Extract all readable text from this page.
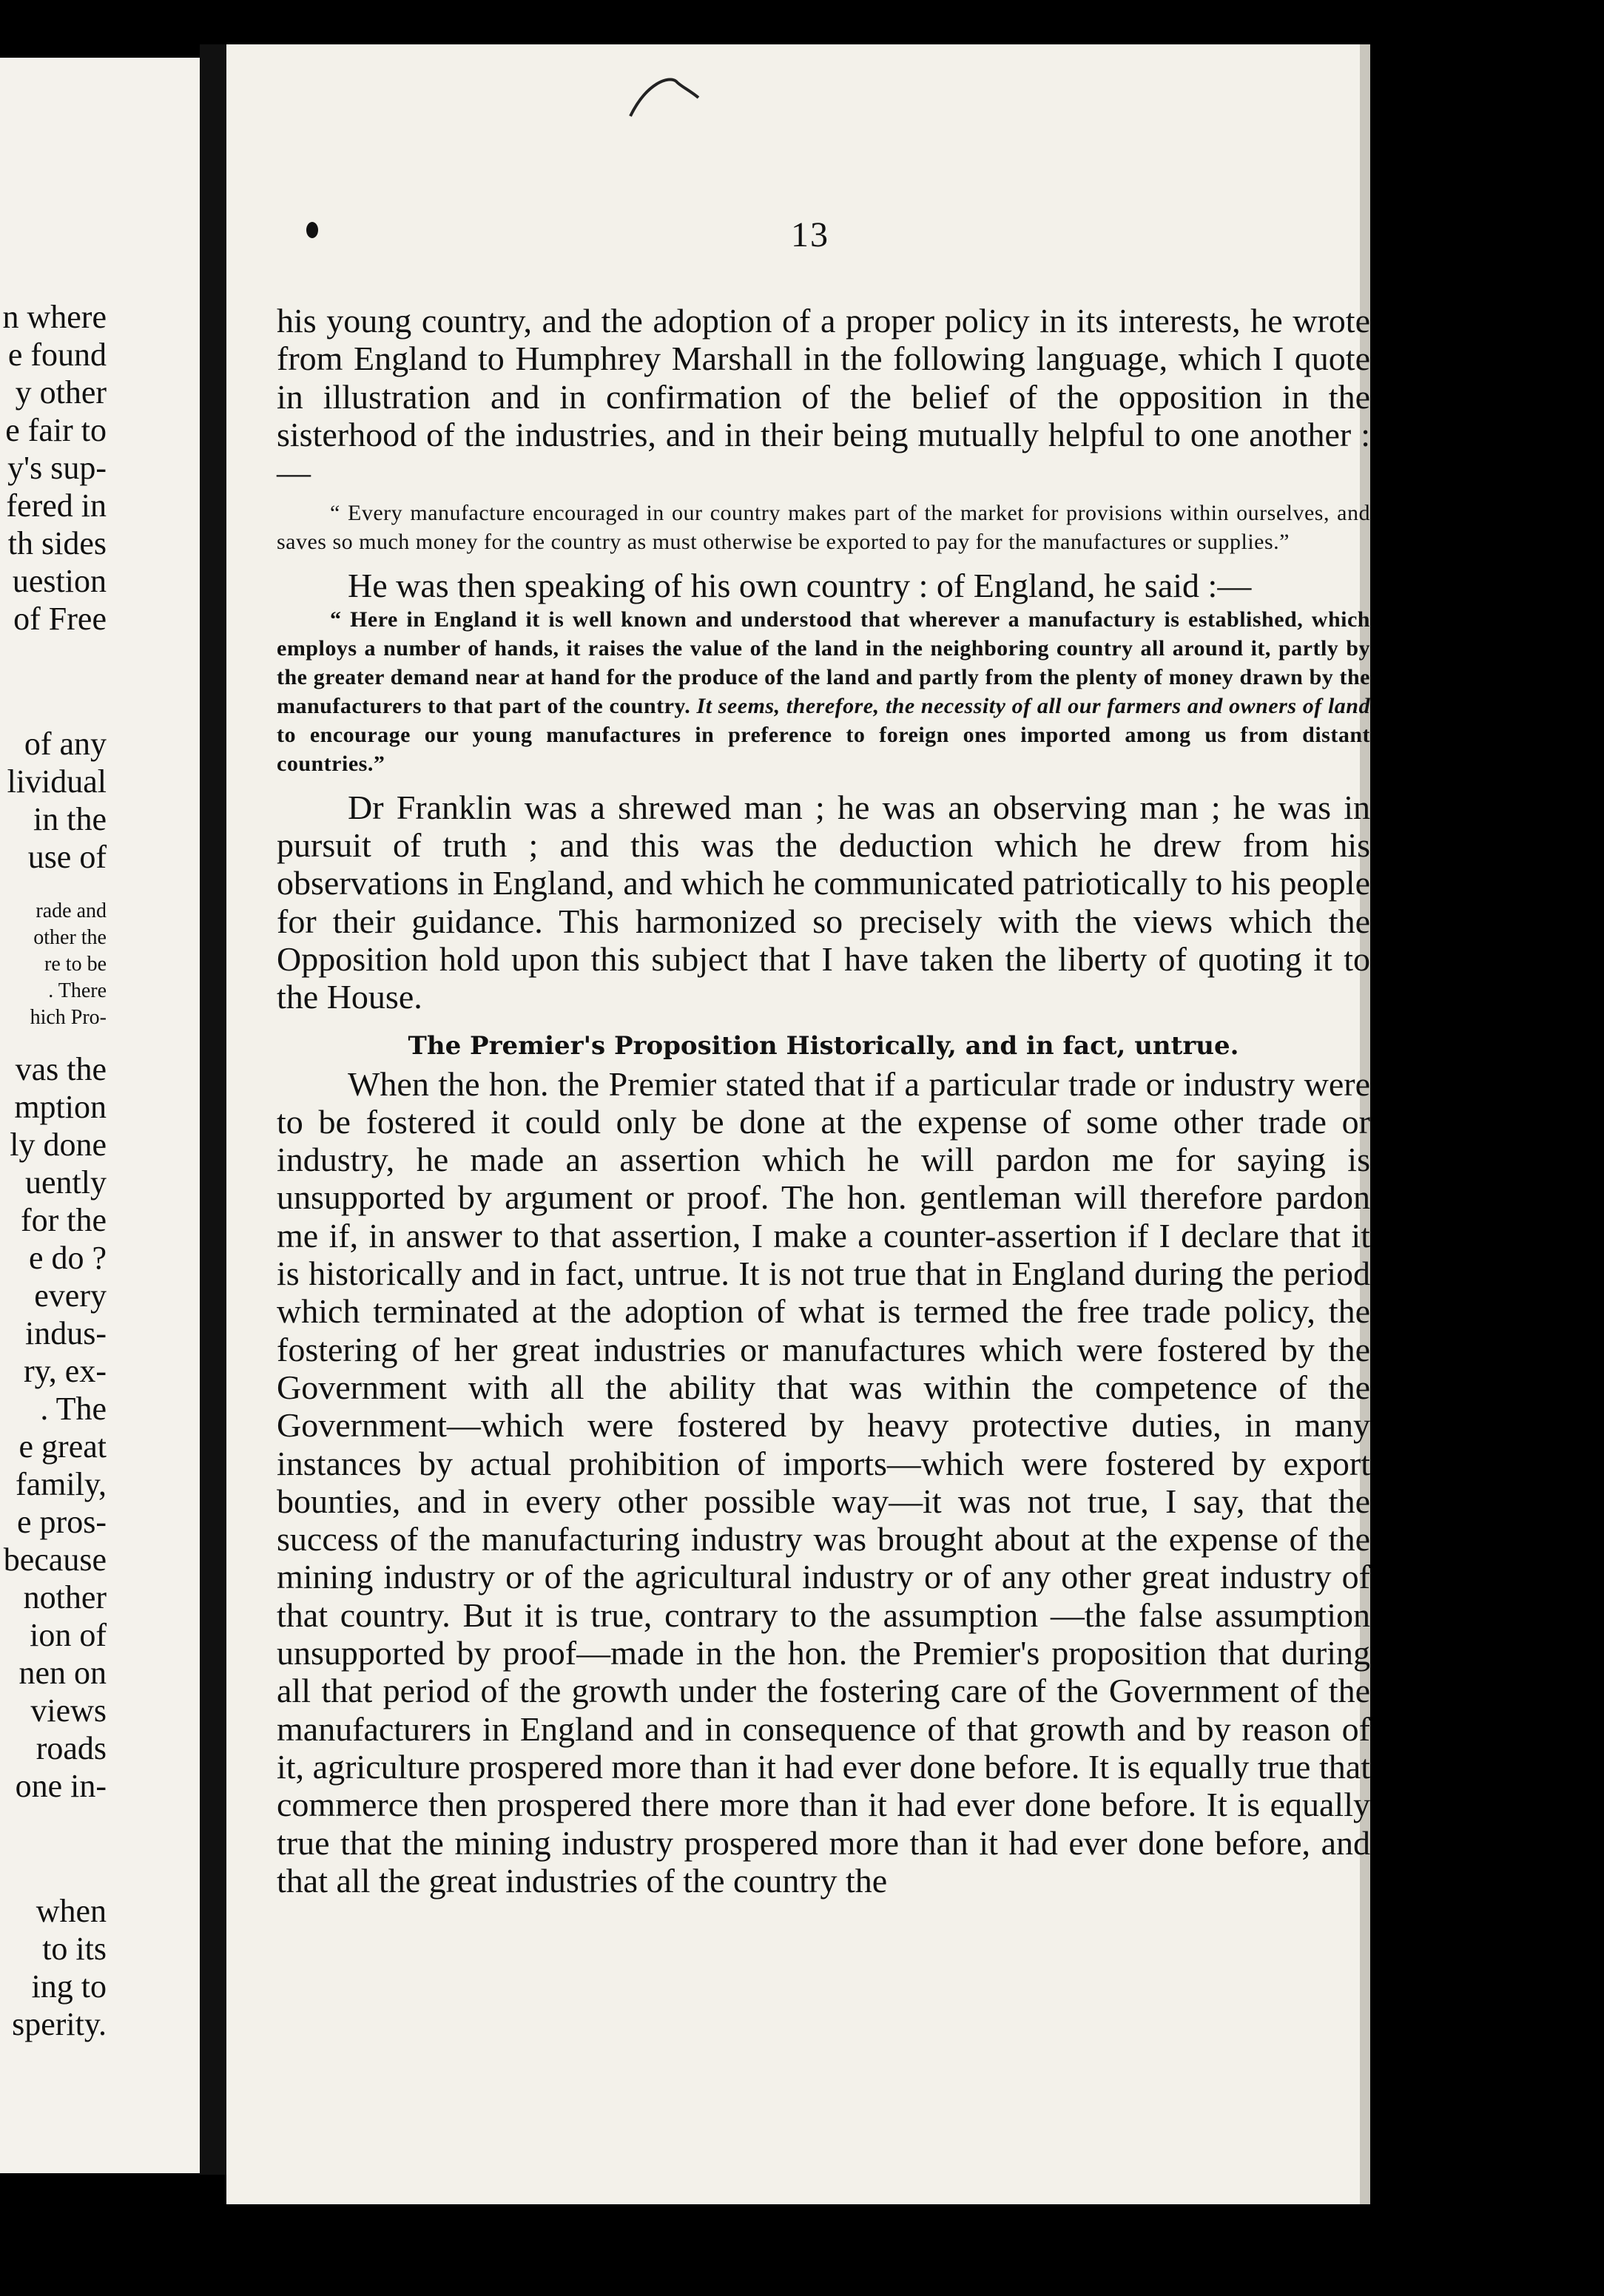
n where
e found
y other
e fair to
y's sup-
fered in
th sides
uestion
of Free
of any
lividual
in the
use of
rade and
other the
re to be
. There
hich Pro-
vas the
mption
ly done
uently
for the
e do ?
every
indus-
ry, ex-
. The
e great
family,
e pros-
because
nother
ion of
nen on
views
roads
one in-
when
to its
ing to
sperity.
13
his young country, and the adoption of a proper policy in its interests, he wrote from England to Humphrey Marshall in the following language, which I quote in illustration and in confirmation of the belief of the opposition in the sisterhood of the industries, and in their being mutually helpful to one another :—
“ Every manufacture encouraged in our country makes part of the market for provisions within ourselves, and saves so much money for the country as must otherwise be exported to pay for the manufactures or supplies.”
He was then speaking of his own country : of England, he said :—
“ Here in England it is well known and understood that wherever a manufactury is established, which employs a number of hands, it raises the value of the land in the neighboring country all around it, partly by the greater demand near at hand for the produce of the land and partly from the plenty of money drawn by the manufacturers to that part of the country. It seems, therefore, the necessity of all our farmers and owners of land to encourage our young manufactures in preference to foreign ones imported among us from distant countries.”
Dr Franklin was a shrewed man ; he was an observing man ; he was in pursuit of truth ; and this was the deduction which he drew from his observations in England, and which he communicated patriotically to his people for their guidance. This harmonized so precisely with the views which the Opposition hold upon this subject that I have taken the liberty of quoting it to the House.
The Premier's Proposition Historically, and in fact, untrue.
When the hon. the Premier stated that if a particular trade or industry were to be fostered it could only be done at the expense of some other trade or industry, he made an assertion which he will pardon me for saying is unsupported by argument or proof. The hon. gentleman will therefore pardon me if, in answer to that assertion, I make a counter-assertion if I declare that it is historically and in fact, untrue. It is not true that in England during the period which terminated at the adoption of what is termed the free trade policy, the fostering of her great industries or manufactures which were fostered by the Government with all the ability that was within the competence of the Government—which were fostered by heavy protective duties, in many instances by actual prohibition of imports—which were fostered by export bounties, and in every other possible way—it was not true, I say, that the success of the manufacturing industry was brought about at the expense of the mining industry or of the agricultural industry or of any other great industry of that country. But it is true, contrary to the assumption —the false assumption unsupported by proof—made in the hon. the Premier's proposition that during all that period of the growth under the fostering care of the Government of the manufacturers in England and in consequence of that growth and by reason of it, agriculture prospered more than it had ever done before. It is equally true that commerce then prospered there more than it had ever done before. It is equally true that the mining industry prospered more than it had ever done before, and that all the great industries of the country the
